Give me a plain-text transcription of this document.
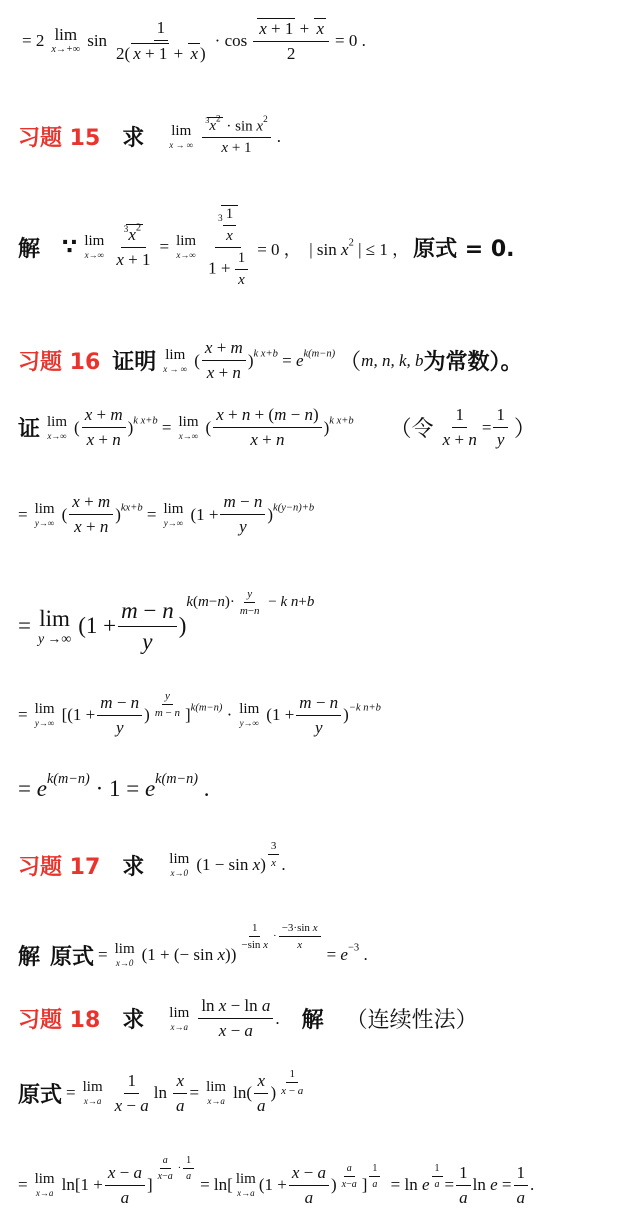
= 2 lim
x→+∞ $\sin \frac{1}{2( x + 1 + x )} \cdot \cos \frac{x + 1 + x}{2} = 0$ .
习题 15 求 lim
x → ∞
$\frac{^3x^2 \cdot \sin x^2}{x + 1}$ .
解 ∵ lim
x→∞
$\frac{^3x^2}{x + 1} = \lim$
x→∞
$\frac{^3 \frac{1}{x}}{1 + \frac{1}{x}} = 0$ ，  | $\sin x^2$ | ≤ 1 ， 原式 = 0.
习题 16 证明 lim
x → ∞ ( $\frac{x + m}{x + n} )^{k x+b} = e^{k(m-n)}$ （m, n, k, b为常数）。
证 lim
x→∞ ( $\frac{x + m}{x + n} )^{k x+b} = \lim$
x→∞ ( $\frac{x + n + (m - n)}{x + n} )^{k x+b}$ （令 $\frac{1}{x + n} = \frac{1}{y}$ ）
= lim
y→∞ ( $\frac{x + m}{x + n} )^{kx+b} = \lim$
y→∞ $(1 + \frac{m - n}{y} )^{k(y-n)+b}$
= lim
y →∞
$(1 + \frac{m - n}{y} )k(m-n)\cdot \frac{y}{m-n} - k$ n+b
= lim
y→∞ [($1 + \frac{m - n}{y}$ ) $\frac{y}{m - n} ]^{k(m-n)} \cdot \lim$
y→∞ $(1 + \frac{m - n}{y} )^{-k n+b}$
= $e^{k(m-n)} \cdot 1 = e^{k(m-n)}$ .
习题 17 求 lim
x→0 $(1 - \sin x) \frac{3}{x}$ .
解 原式 = lim
x→0 (1 + (− sin x))
$\frac{1}{\text{−sin x}} \cdot \frac{\text{−3·sin x}}{x}$
= $e^{-3}$ .
习题 18 求 lim
x→a
$\frac{\text{ln x − ln a}}{x - a}$ . 解 （连续性法）
原式 = lim
x→a
$\frac{1}{x - a}$ $\ln \frac{x}{a} = \lim$
x→a $\ln( \frac{x}{a}$ ) $\frac{1}{x - a}$
= lim
x→a $\ln[1 + \frac{x - a}{a}$ ]
$\frac{a}{x-a} \cdot \frac{1}{a}$
= ln[ lim
x→a ($1 + \frac{x - a}{a}$ ) $\frac{a}{x-a}$ ] $\frac{1}{a} = \ln e \frac{1}{a} = \frac{1}{a}$ $\ln e = \frac{1}{a}$ .
